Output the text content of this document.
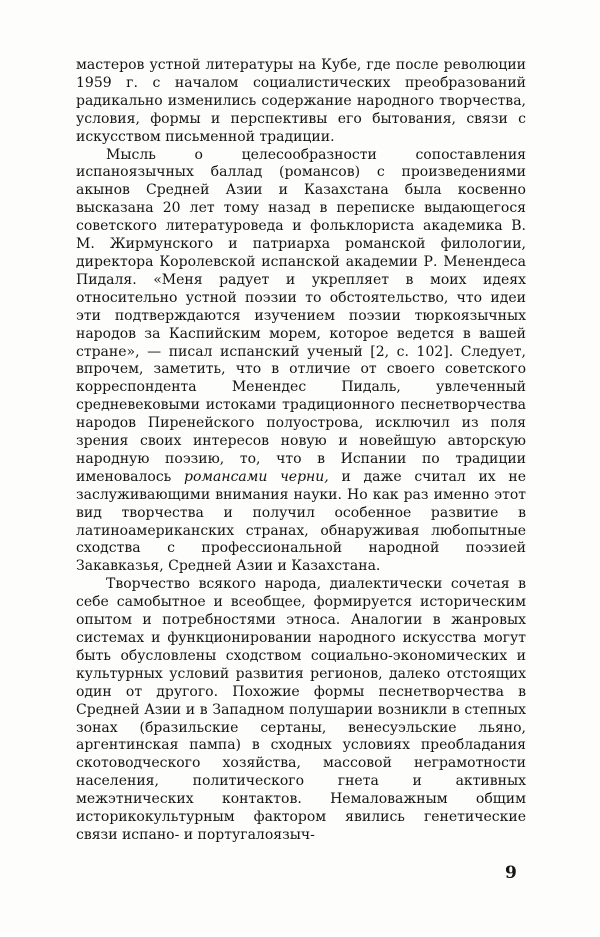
мастеров устной литературы на Кубе, где после революции 1959 г. с началом социалистических преобразований радикально изменились содержание народного творчества, условия, формы и перспективы его бытования, связи с искусством письменной традиции.

Мысль о целесообразности сопоставления испаноязычных баллад (романсов) с произведениями акынов Средней Азии и Казахстана была косвенно высказана 20 лет тому назад в переписке выдающегося советского литературоведа и фольклориста академика В. М. Жирмунского и патриарха романской филологии, директора Королевской испанской академии Р. Менендеса Пидаля. «Меня радует и укрепляет в моих идеях относительно устной поэзии то обстоятельство, что идеи эти подтверждаются изучением поэзии тюркоязычных народов за Каспийским морем, которое ведется в вашей стране», — писал испанский ученый [2, с. 102]. Следует, впрочем, заметить, что в отличие от своего советского корреспондента Менендес Пидаль, увлеченный средневековыми истоками традиционного песнетворчества народов Пиренейского полуострова, исключил из поля зрения своих интересов новую и новейшую авторскую народную поэзию, то, что в Испании по традиции именовалось романсами черни, и даже считал их не заслуживающими внимания науки. Но как раз именно этот вид творчества и получил особенное развитие в латиноамериканских странах, обнаруживая любопытные сходства с профессиональной народной поэзией Закавказья, Средней Азии и Казахстана.

Творчество всякого народа, диалектически сочетая в себе самобытное и всеобщее, формируется историческим опытом и потребностями этноса. Аналогии в жанровых системах и функционировании народного искусства могут быть обусловлены сходством социально-экономических и культурных условий развития регионов, далеко отстоящих один от другого. Похожие формы песнетворчества в Средней Азии и в Западном полушарии возникли в степных зонах (бразильские сертаны, венесуэльские льяно, аргентинская пампа) в сходных условиях преобладания скотоводческого хозяйства, массовой неграмотности населения, политического гнета и активных межэтнических контактов. Немаловажным общим историкокультурным фактором явились генетические связи испано- и португалоязыч-

9
